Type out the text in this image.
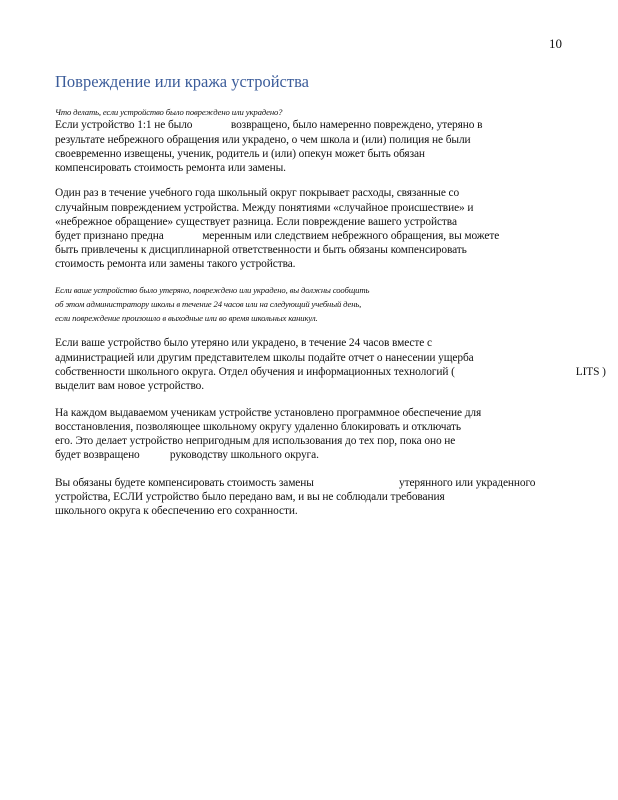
10
Повреждение или кража устройства
Что делать, если устройство было повреждено или украдено?
Если устройство 1:1 не было              возвращено, было намеренно повреждено, утеряно в
результате небрежного обращения или украдено, о чем школа и (или) полиция не были
своевременно извещены, ученик, родитель и (или) опекун может быть обязан
компенсировать стоимость ремонта или замены.
Один раз в течение учебного года школьный округ покрывает расходы, связанные со
случайным повреждением устройства. Между понятиями «случайное происшествие» и
«небрежное обращение» существует разница. Если повреждение вашего устройства
будет признано предна              меренным или следствием небрежного обращения, вы можете
быть привлечены к дисциплинарной ответственности и быть обязаны компенсировать
стоимость ремонта или замены такого устройства.
Если ваше устройство было утеряно, повреждено или украдено, вы должны сообщить
об этом администратору школы в течение 24 часов или на следующий учебный день,
если повреждение произошло в выходные или во время школьных каникул.
Если ваше устройство было утеряно или украдено, в течение 24 часов вместе с
администрацией или другим представителем школы подайте отчет о нанесении ущерба
собственности школьного округа. Отдел обучения и информационных технологий (                                            LITS )
выделит вам новое устройство.
На каждом выдаваемом ученикам устройстве установлено программное обеспечение для
восстановления, позволяющее школьному округу удаленно блокировать и отключать
его. Это делает устройство непригодным для использования до тех пор, пока оно не
будет возвращено           руководству школьного округа.
Вы обязаны будете компенсировать стоимость замены                               утерянного или украденного
устройства, ЕСЛИ устройство было передано вам, и вы не соблюдали требования
школьного округа к обеспечению его сохранности.
